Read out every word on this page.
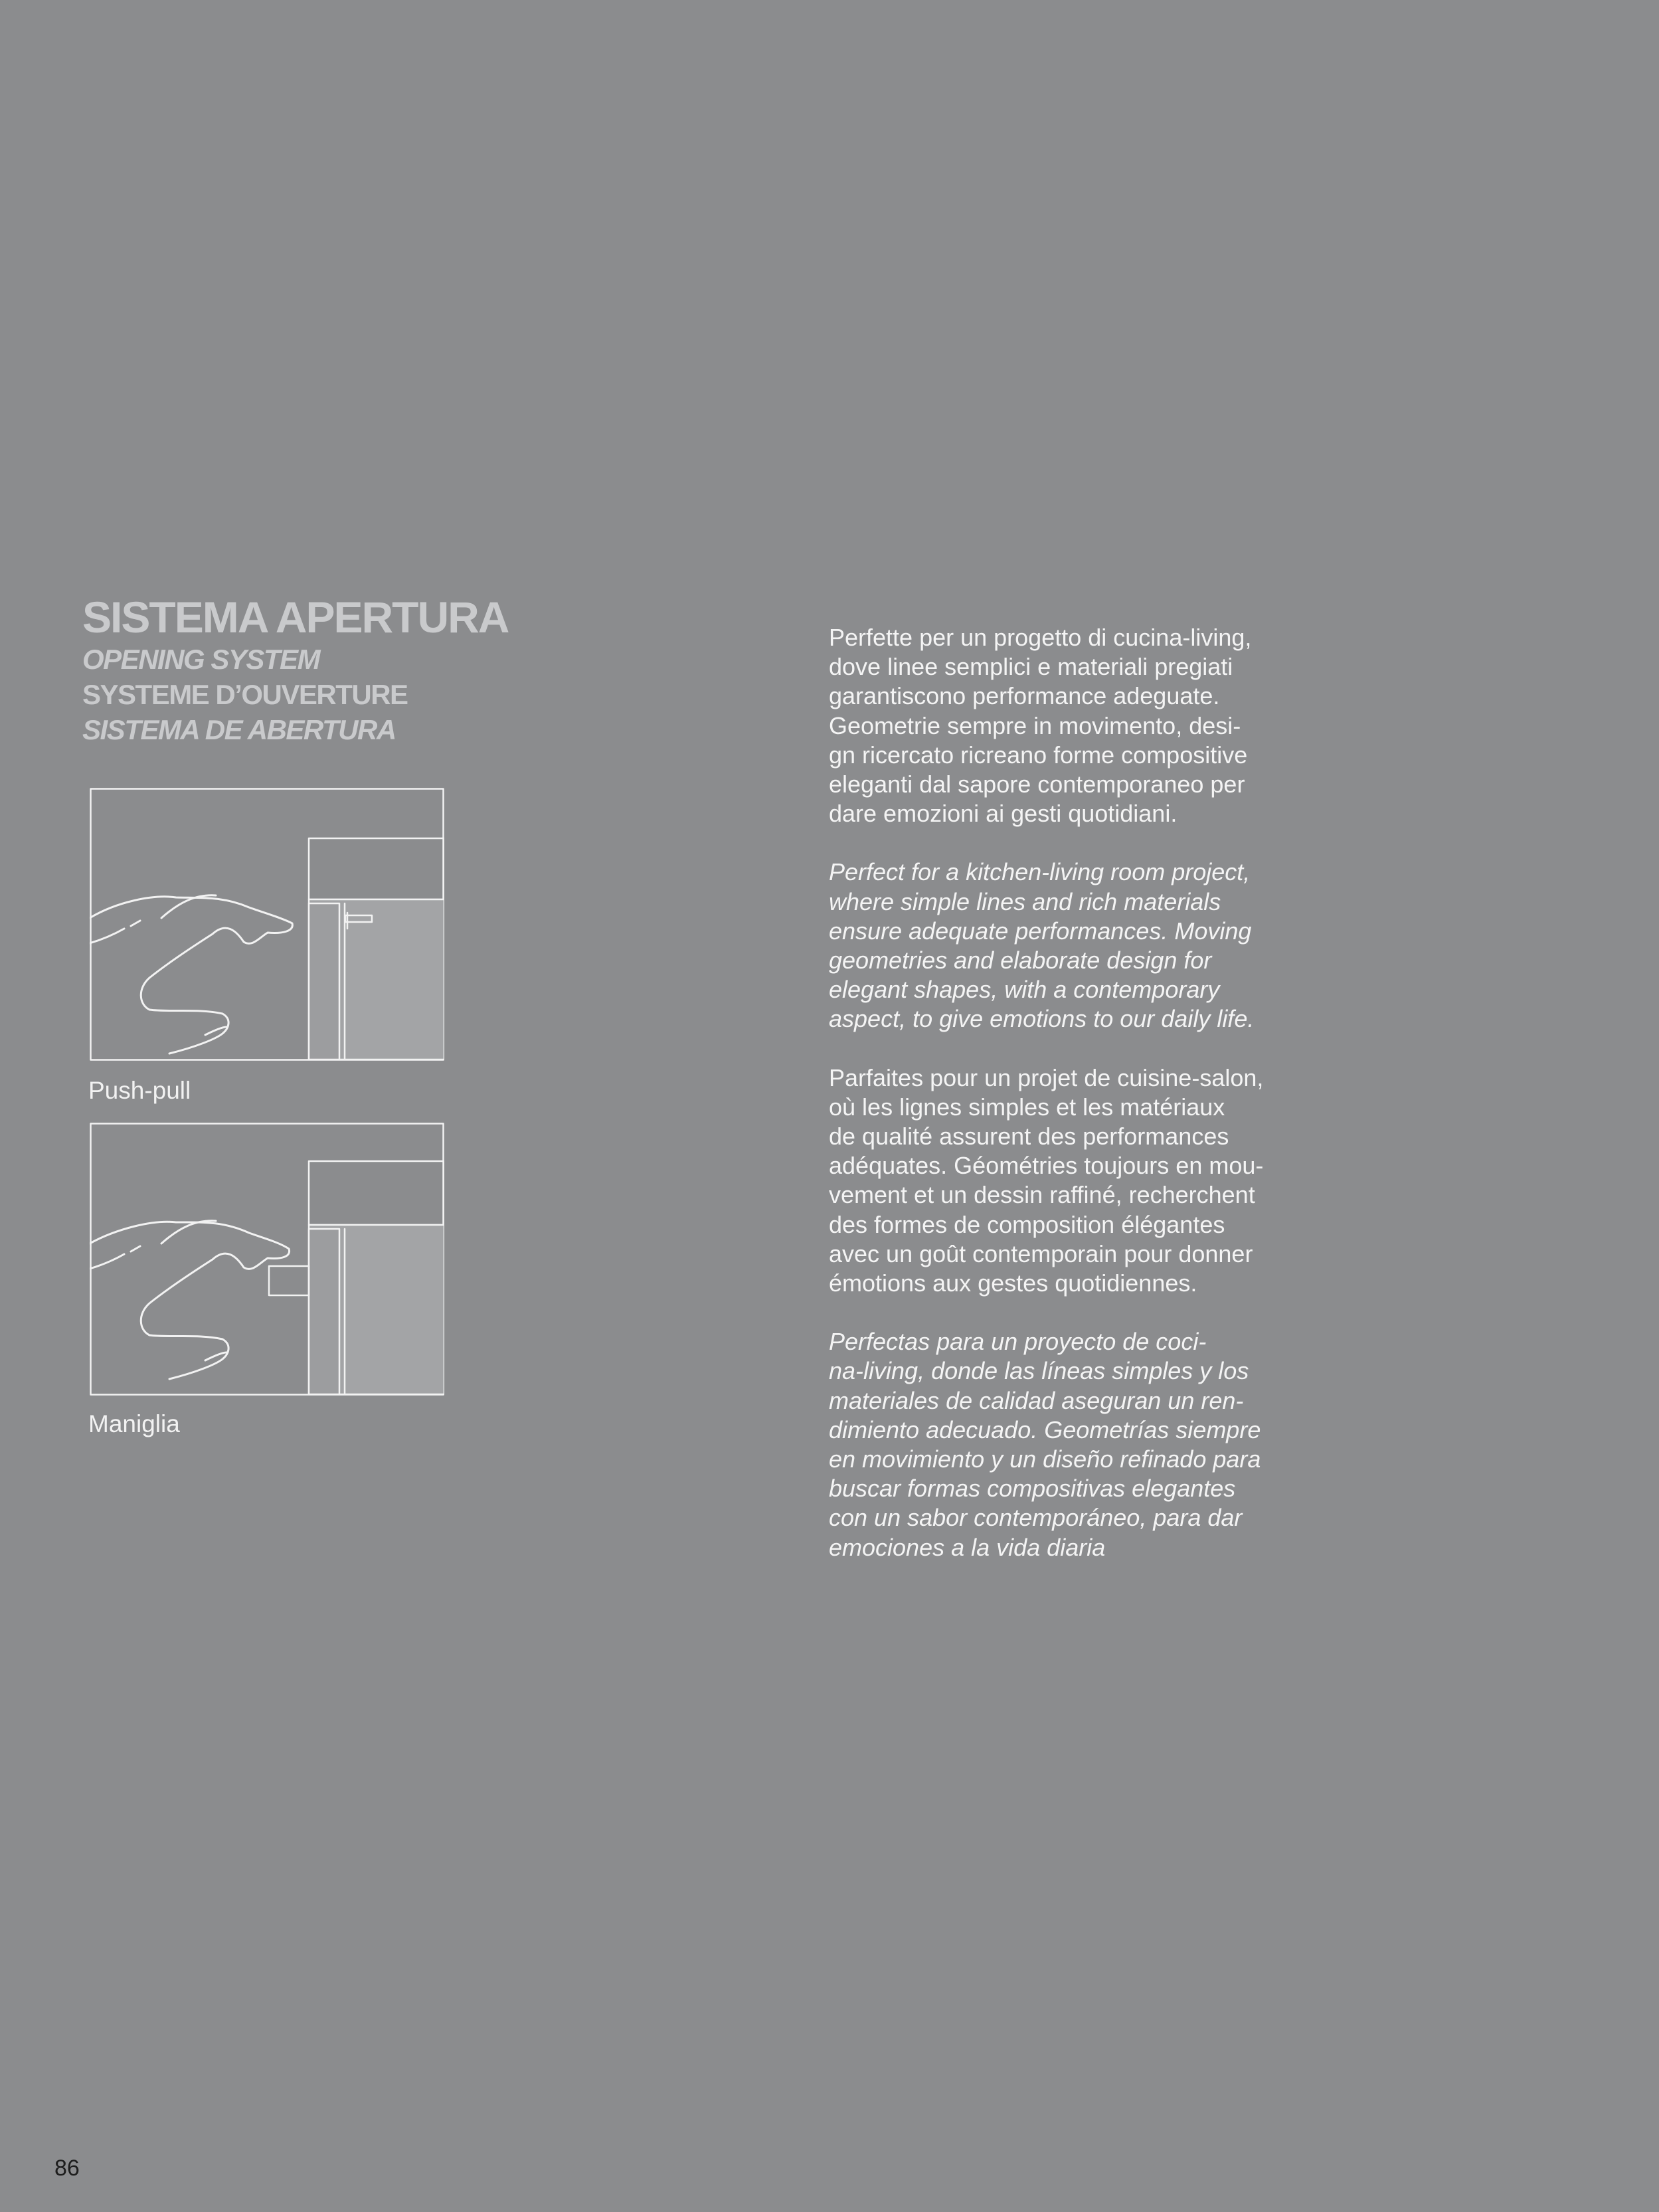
SISTEMA APERTURA
OPENING SYSTEM
SYSTEME D’OUVERTURE
SISTEMA DE ABERTURA
Push-pull
Maniglia

Perfette per un progetto di cucina-living,
dove linee semplici e materiali pregiati
garantiscono performance adeguate.
Geometrie sempre in movimento, desi-
gn ricercato ricreano forme compositive
eleganti dal sapore contemporaneo per
dare emozioni ai gesti quotidiani.

Perfect for a kitchen-living room project,
where simple lines and rich materials
ensure adequate performances. Moving
geometries and elaborate design for
elegant shapes, with a contemporary
aspect, to give emotions to our daily life.

Parfaites pour un projet de cuisine-salon,
où les lignes simples et les matériaux
de qualité assurent des performances
adéquates. Géométries toujours en mou-
vement et un dessin raffiné, recherchent
des formes de composition élégantes
avec un goût contemporain pour donner
émotions aux gestes quotidiennes.

Perfectas para un proyecto de coci-
na-living, donde las líneas simples y los
materiales de calidad aseguran un ren-
dimiento adecuado. Geometrías siempre
en movimiento y un diseño refinado para
buscar formas compositivas elegantes
con un sabor contemporáneo, para dar
emociones a la vida diaria

86
